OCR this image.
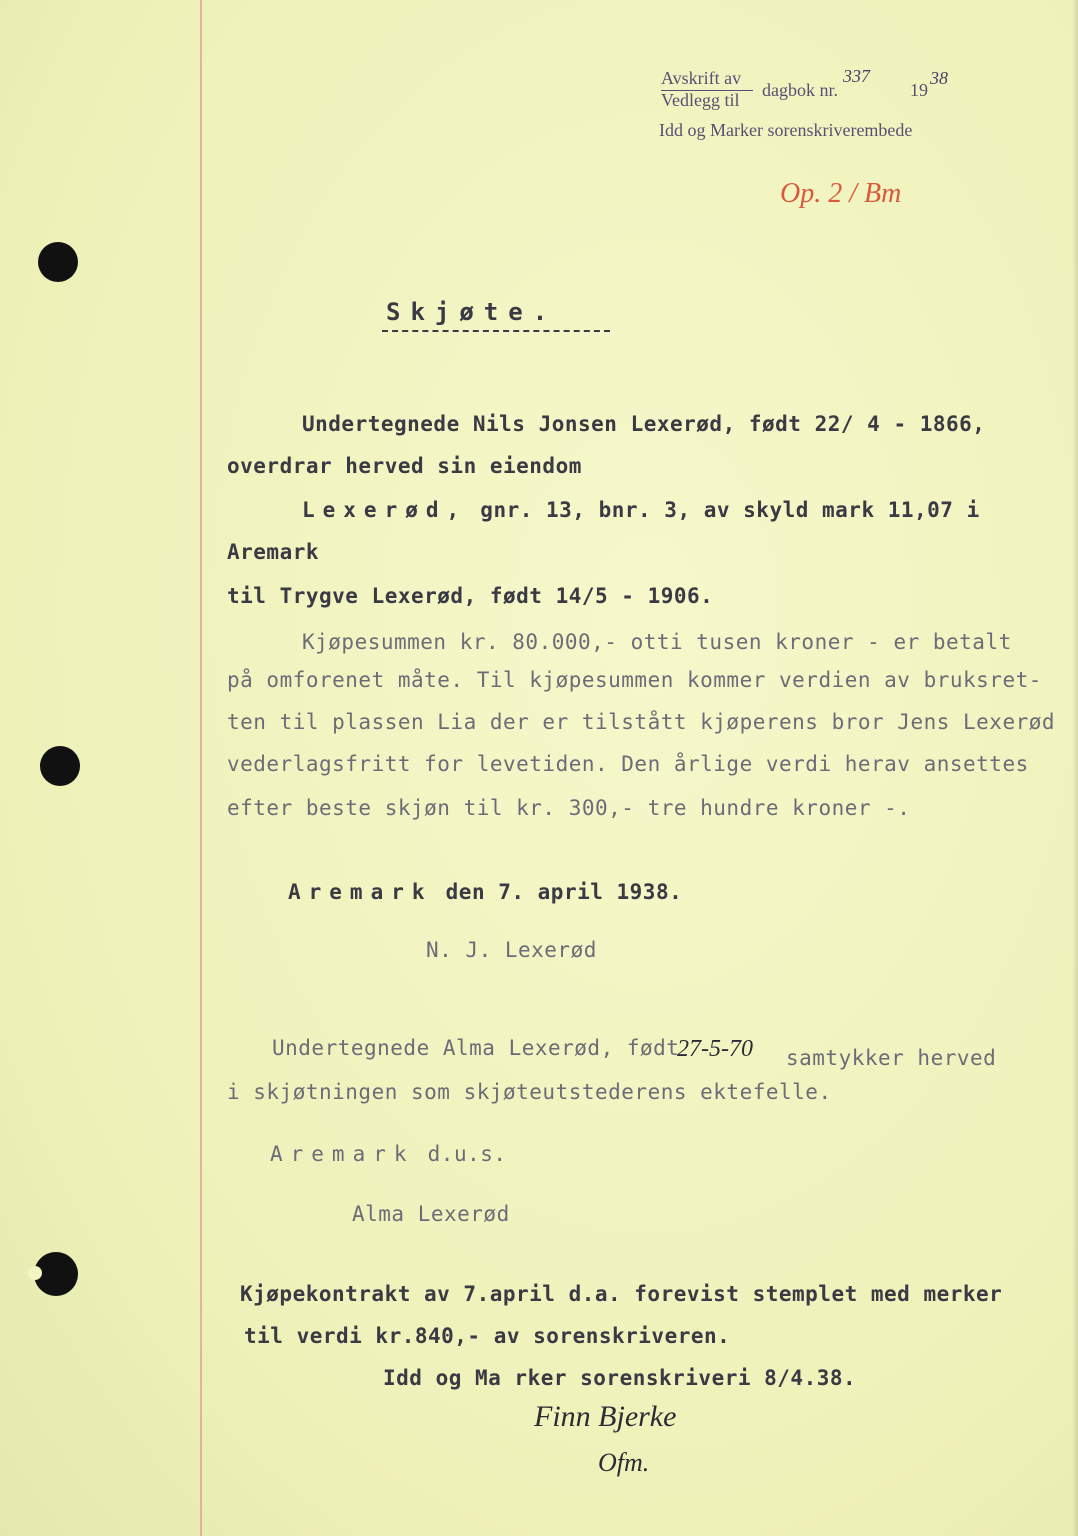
Avskrift av
Vedlegg til dagbok nr.
337
19
38
Idd og Marker sorenskriverembede
Op. 2 / Bm
Skjøte.
Undertegnede Nils Jonsen Lexerød, født 22/ 4 - 1866,
overdrar herved sin eiendom
Lexerød, gnr. 13, bnr. 3, av skyld mark 11,07 i
Aremark
til Trygve Lexerød, født 14/5 - 1906.
Kjøpesummen kr. 80.000,- otti tusen kroner - er betalt
på omforenet måte. Til kjøpesummen kommer verdien av bruksret-
ten til plassen Lia der er tilstått kjøperens bror Jens Lexerød
vederlagsfritt for levetiden. Den årlige verdi herav ansettes
efter beste skjøn til kr. 300,- tre hundre kroner -.
Aremark den 7. april 1938.
N. J. Lexerød
Undertegnede Alma Lexerød, født
27-5-70 samtykker herved
i skjøtningen som skjøteutstederens ektefelle.
Aremark d.u.s.
Alma Lexerød
Kjøpekontrakt av 7.april d.a. forevist stemplet med merker
til verdi kr.840,- av sorenskriveren.
Idd og Ma rker sorenskriveri 8/4.38.
Finn Bjerke
Ofm.
